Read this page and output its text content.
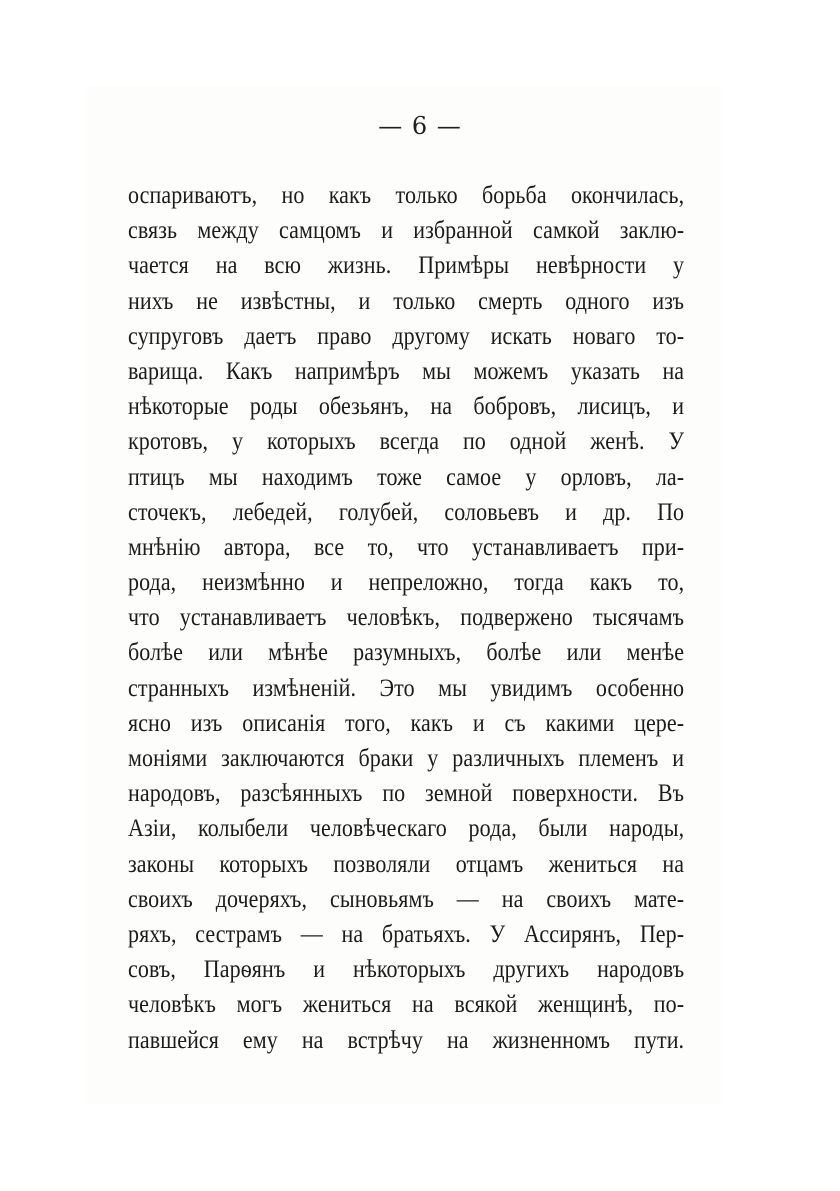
— 6 —
оспариваютъ, но какъ только борьба окончилась,
связь между самцомъ и избранной самкой заклю-
чается на всю жизнь. Примѣры невѣрности у
нихъ не извѣстны, и только смерть одного изъ
супруговъ даетъ право другому искать новаго то-
варища. Какъ напримѣръ мы можемъ указать на
нѣкоторые роды обезьянъ, на бобровъ, лисицъ, и
кротовъ, у которыхъ всегда по одной женѣ. У
птицъ мы находимъ тоже самое у орловъ, ла-
сточекъ, лебедей, голубей, соловьевъ и др. По
мнѣнію автора, все то, что устанавливаетъ при-
рода, неизмѣнно и непреложно, тогда какъ то,
что устанавливаетъ человѣкъ, подвержено тысячамъ
болѣе или мѣнѣе разумныхъ, болѣе или менѣе
странныхъ измѣненій. Это мы увидимъ особенно
ясно изъ описанія того, какъ и съ какими цере-
моніями заключаются браки у различныхъ племенъ и
народовъ, разсѣянныхъ по земной поверхности. Въ
Азіи, колыбели человѣческаго рода, были народы,
законы которыхъ позволяли отцамъ жениться на
своихъ дочеряхъ, сыновьямъ — на своихъ мате-
ряхъ, сестрамъ — на братьяхъ. У Ассирянъ, Пер-
совъ, Парѳянъ и нѣкоторыхъ другихъ народовъ
человѣкъ могъ жениться на всякой женщинѣ, по-
павшейся ему на встрѣчу на жизненномъ пути.
